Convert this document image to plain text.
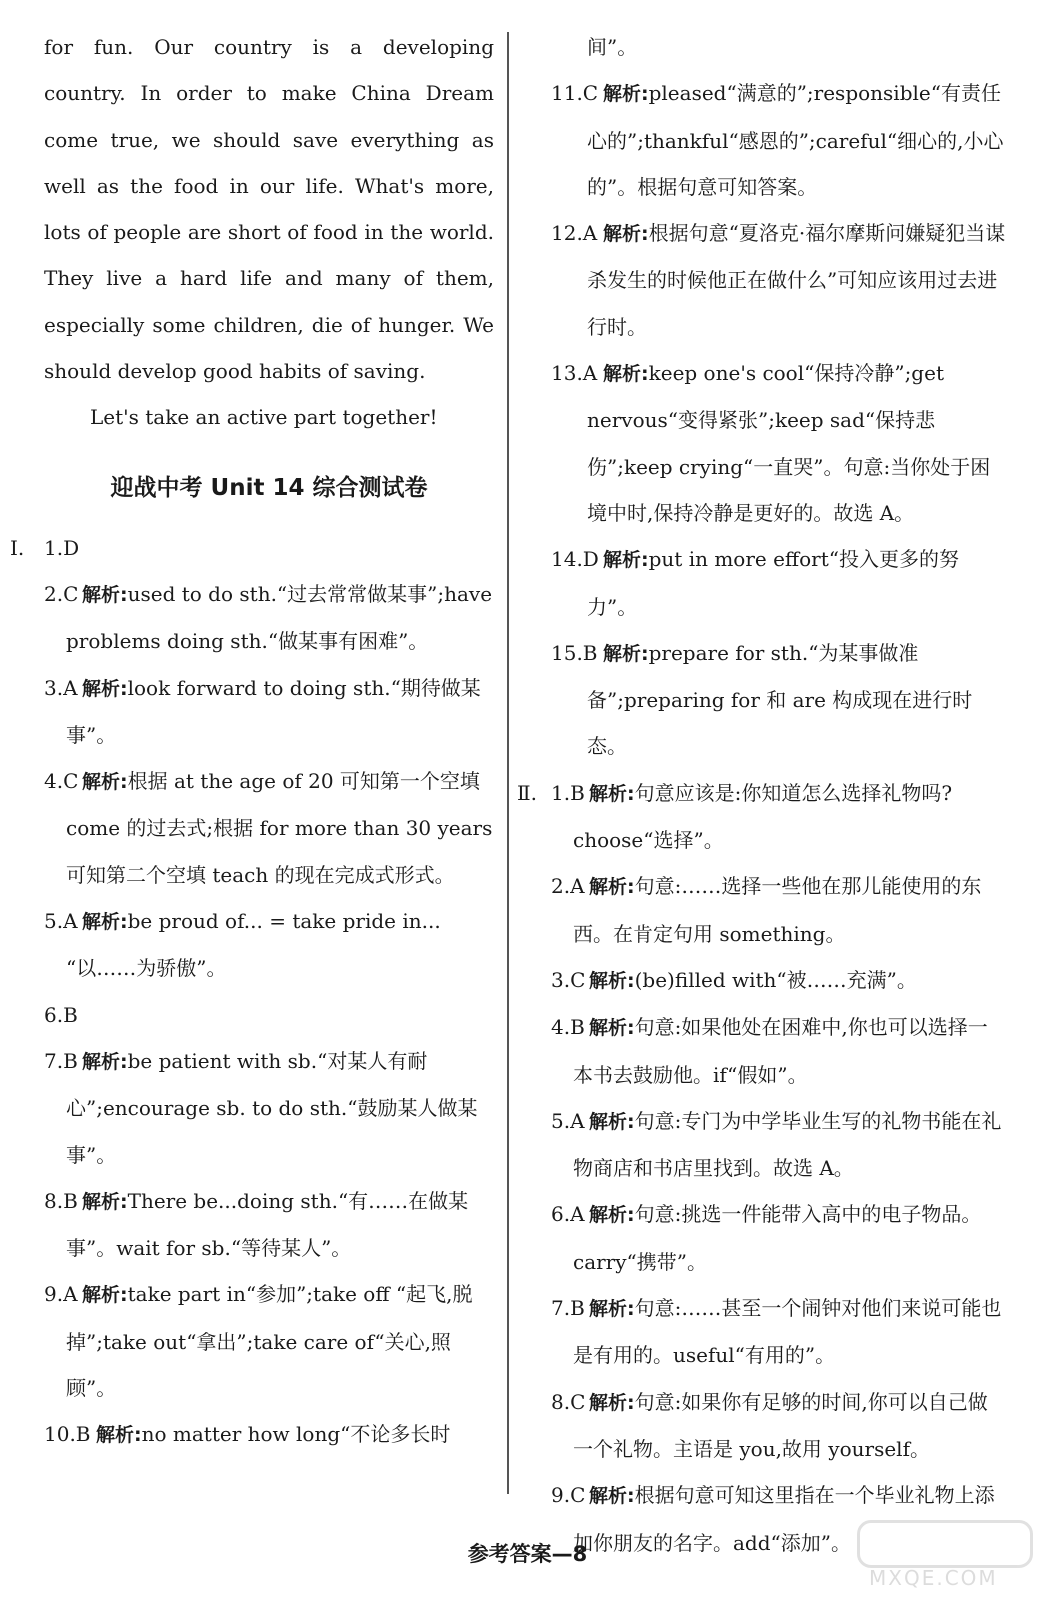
for fun. Our country is a developing country. In order to make China Dream come true, we should save everything as well as the food in our life. What's more, lots of people are short of food in the world. They live a hard life and many of them, especially some children, die of hunger. We should develop good habits of saving.

Let's take an active part together!

迎战中考 Unit 14 综合测试卷
Ⅰ. 1.D
2.C 解析:used to do sth.“过去常常做某事”;have problems doing sth.“做某事有困难”。
3.A 解析:look forward to doing sth.“期待做某事”。
4.C 解析:根据 at the age of 20 可知第一个空填 come 的过去式;根据 for more than 30 years 可知第二个空填 teach 的现在完成式形式。
5.A 解析:be proud of... = take pride in... “以……为骄傲”。
6.B
7.B 解析:be patient with sb.“对某人有耐心”;encourage sb. to do sth.“鼓励某人做某事”。
8.B 解析:There be...doing sth.“有……在做某事”。wait for sb.“等待某人”。
9.A 解析:take part in“参加”;take off “起飞,脱掉”;take out“拿出”;take care of“关心,照顾”。
10.B 解析:no matter how long“不论多长时
间”。
11.C 解析:pleased“满意的”;responsible“有责任心的”;thankful“感恩的”;careful“细心的,小心的”。根据句意可知答案。
12.A 解析:根据句意“夏洛克·福尔摩斯问嫌疑犯当谋杀发生的时候他正在做什么”可知应该用过去进行时。
13.A 解析:keep one's cool“保持冷静”;get nervous“变得紧张”;keep sad“保持悲伤”;keep crying“一直哭”。句意:当你处于困境中时,保持冷静是更好的。故选 A。
14.D 解析:put in more effort“投入更多的努力”。
15.B 解析:prepare for sth.“为某事做准备”;preparing for 和 are 构成现在进行时态。
Ⅱ. 1.B 解析:句意应该是:你知道怎么选择礼物吗? choose“选择”。
2.A 解析:句意:……选择一些他在那儿能使用的东西。在肯定句用 something。
3.C 解析:(be)filled with“被……充满”。
4.B 解析:句意:如果他处在困难中,你也可以选择一本书去鼓励他。if“假如”。
5.A 解析:句意:专门为中学毕业生写的礼物书能在礼物商店和书店里找到。故选 A。
6.A 解析:句意:挑选一件能带入高中的电子物品。carry“携带”。
7.B 解析:句意:……甚至一个闹钟对他们来说可能也是有用的。useful“有用的”。
8.C 解析:句意:如果你有足够的时间,你可以自己做一个礼物。主语是 you,故用 yourself。
9.C 解析:根据句意可知这里指在一个毕业礼物上添加你朋友的名字。add“添加”。
参考答案—8
MXQE.COM
